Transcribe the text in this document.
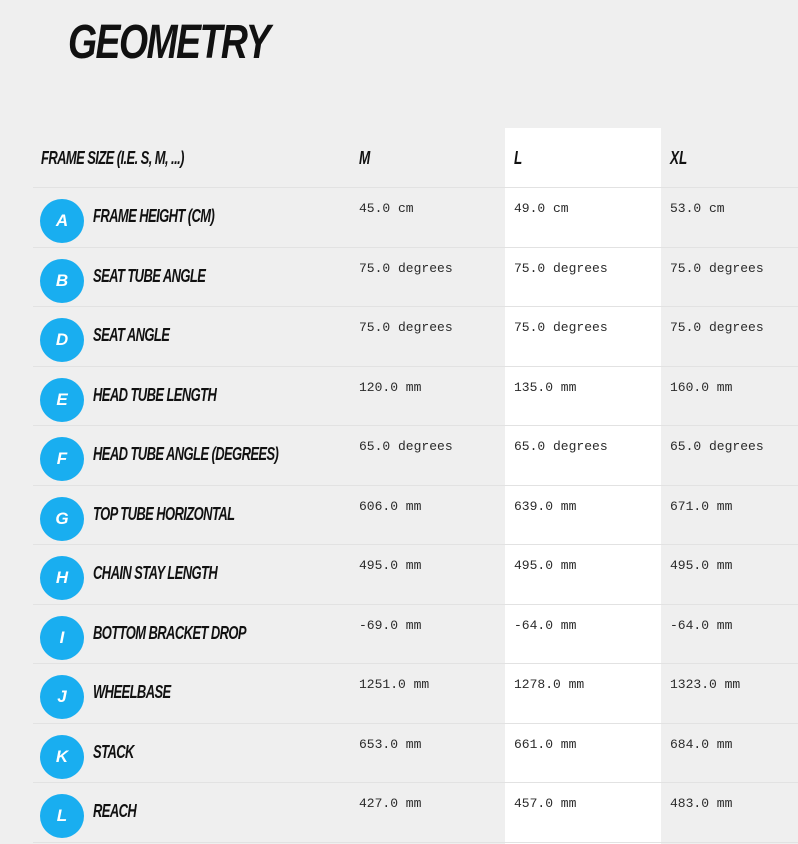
GEOMETRY
FRAME SIZE (I.E. S, M, ...)	M	L	XL
A	FRAME HEIGHT (CM)	45.0 cm	49.0 cm	53.0 cm
B	SEAT TUBE ANGLE	75.0 degrees	75.0 degrees	75.0 degrees
D	SEAT ANGLE	75.0 degrees	75.0 degrees	75.0 degrees
E	HEAD TUBE LENGTH	120.0 mm	135.0 mm	160.0 mm
F	HEAD TUBE ANGLE (DEGREES)	65.0 degrees	65.0 degrees	65.0 degrees
G	TOP TUBE HORIZONTAL	606.0 mm	639.0 mm	671.0 mm
H	CHAIN STAY LENGTH	495.0 mm	495.0 mm	495.0 mm
I	BOTTOM BRACKET DROP	-69.0 mm	-64.0 mm	-64.0 mm
J	WHEELBASE	1251.0 mm	1278.0 mm	1323.0 mm
K	STACK	653.0 mm	661.0 mm	684.0 mm
L	REACH	427.0 mm	457.0 mm	483.0 mm
